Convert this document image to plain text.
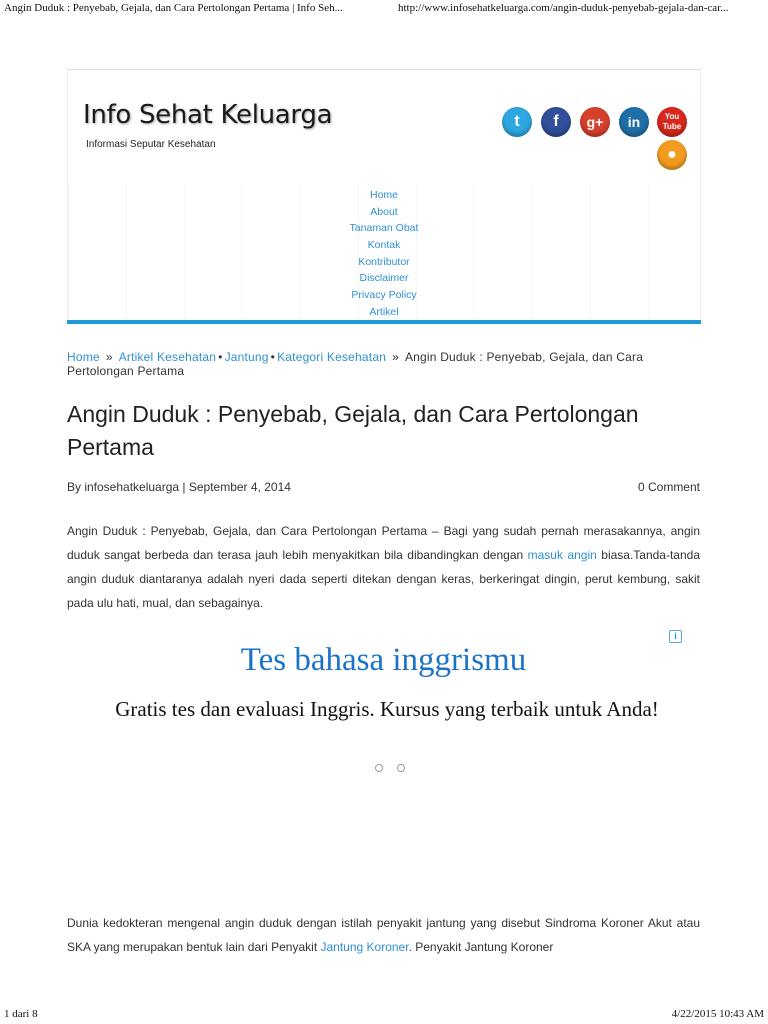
Angin Duduk : Penyebab, Gejala, dan Cara Pertolongan Pertama | Info Seh...	http://www.infosehatkeluarga.com/angin-duduk-penyebab-gejala-dan-car...
Info Sehat Keluarga
Informasi Seputar Kesehatan
t	f	g+	in	You Tube
●
Home
About
Tanaman Obat
Kontak
Kontributor
Disclaimer
Privacy Policy
Artikel
Home » Artikel Kesehatan • Jantung • Kategori Kesehatan » Angin Duduk : Penyebab, Gejala, dan Cara Pertolongan Pertama
Angin Duduk : Penyebab, Gejala, dan Cara Pertolongan Pertama
By infosehatkeluarga | September 4, 2014	0 Comment

Angin Duduk : Penyebab, Gejala, dan Cara Pertolongan Pertama – Bagi yang sudah pernah merasakannya, angin duduk sangat berbeda dan terasa jauh lebih menyakitkan bila dibandingkan dengan masuk angin biasa.Tanda-tanda angin duduk diantaranya adalah nyeri dada seperti ditekan dengan keras, berkeringat dingin, perut kembung, sakit pada ulu hati, mual, dan sebagainya.

i
Tes bahasa inggrismu
Gratis tes dan evaluasi Inggris. Kursus yang terbaik untuk Anda!

Dunia kedokteran mengenal angin duduk dengan istilah penyakit jantung yang disebut Sindroma Koroner Akut atau SKA yang merupakan bentuk lain dari Penyakit Jantung Koroner. Penyakit Jantung Koroner

1 dari 8	4/22/2015 10:43 AM
